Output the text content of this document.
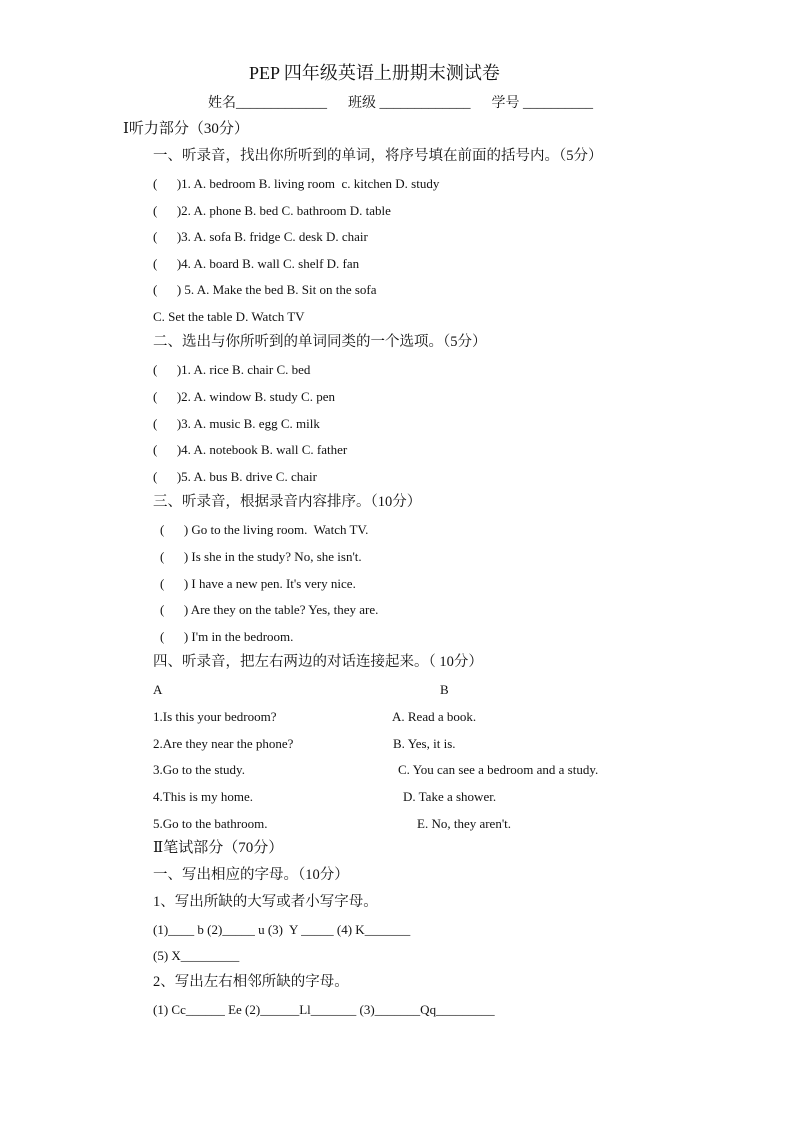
PEP 四年级英语上册期末测试卷
姓名_____________      班级 _____________      学号 __________
Ⅰ听力部分（30分）
一、听录音，找出你所听到的单词，将序号填在前面的括号内。（5分）
(      )1. A. bedroom B. living room  c. kitchen D. study
(      )2. A. phone B. bed C. bathroom D. table
(      )3. A. sofa B. fridge C. desk D. chair
(      )4. A. board B. wall C. shelf D. fan
(      ) 5. A. Make the bed B. Sit on the sofa
C. Set the table D. Watch TV
二、选出与你所听到的单词同类的一个选项。（5分）
(      )1. A. rice B. chair C. bed
(      )2. A. window B. study C. pen
(      )3. A. music B. egg C. milk
(      )4. A. notebook B. wall C. father
(      )5. A. bus B. drive C. chair
三、听录音，根据录音内容排序。（10分）
(      ) Go to the living room.  Watch TV.
(      ) Is she in the study? No, she isn't.
(      ) I have a new pen. It's very nice.
(      ) Are they on the table? Yes, they are.
(      ) I'm in the bedroom.
四、听录音，把左右两边的对话连接起来。（ 10分）
A	B
1.Is this your bedroom?	A. Read a book.
2.Are they near the phone?	B. Yes, it is.
3.Go to the study.	C. You can see a bedroom and a study.
4.This is my home.	D. Take a shower.
5.Go to the bathroom.	E. No, they aren't.
Ⅱ笔试部分（70分）
一、写出相应的字母。（10分）
1、写出所缺的大写或者小写字母。
(1)____ b (2)_____ u (3)  Y _____ (4) K_______
(5) X_________
2、写出左右相邻所缺的字母。
(1) Cc______ Ee (2)______Ll_______ (3)_______Qq_________
